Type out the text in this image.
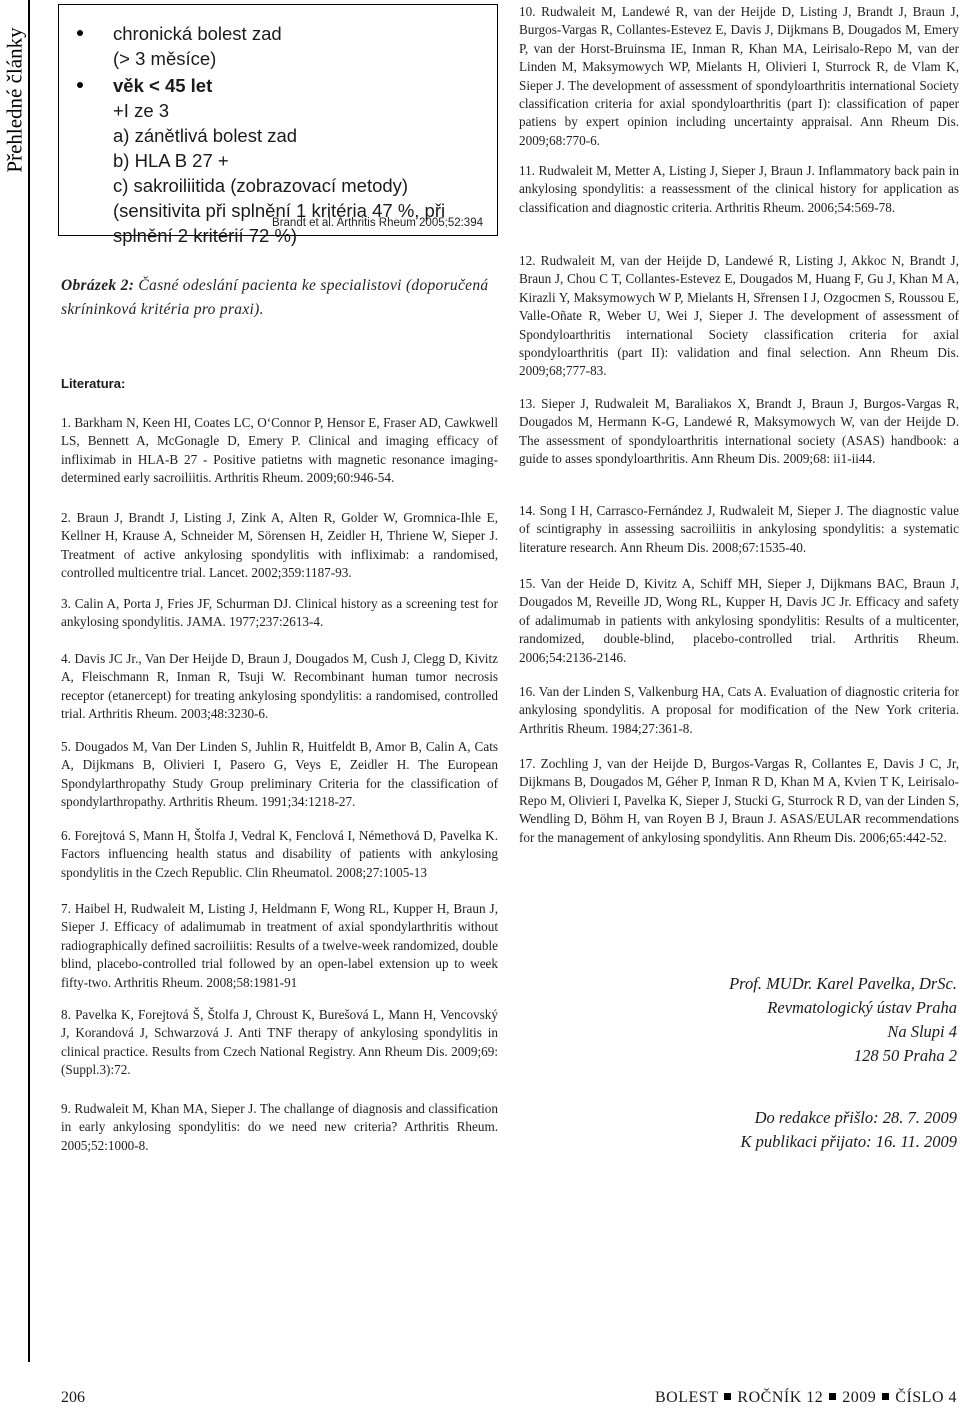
Přehledné články	chronická bolest zad
(> 3 měsíce)
věk < 45 let
+I ze 3
a) zánětlivá bolest zad
b) HLA B 27 +
c) sakroiliitida (zobrazovací metody)
(sensitivita při splnění 1 kritéria 47 %, při
splnění 2 kritérií 72 %)
Brandt et al. Arthritis Rheum 2005;52:394
Obrázek 2: Časné odeslání pacienta ke specialistovi (doporučená skríninková kritéria pro praxi).
Literatura:
1. Barkham N, Keen HI, Coates LC, O‘Connor P, Hensor E, Fraser AD, Cawkwell LS, Bennett A, McGonagle D, Emery P. Clinical and imaging efficacy of infliximab in HLA-B 27 - Positive patietns with magnetic resonance imaging-determined early sacroiliitis. Arthritis Rheum. 2009;60:946-54.
2. Braun J, Brandt J, Listing J, Zink A, Alten R, Golder W, Gromnica-Ihle E, Kellner H, Krause A, Schneider M, Sörensen H, Zeidler H, Thriene W, Sieper J. Treatment of active ankylosing spondylitis with infliximab: a randomised, controlled multicentre trial. Lancet. 2002;359:1187-93.
3. Calin A, Porta J, Fries JF, Schurman DJ. Clinical history as a screening test for ankylosing spondylitis. JAMA. 1977;237:2613-4.
4. Davis JC Jr., Van Der Heijde D, Braun J, Dougados M, Cush J, Clegg D, Kivitz A, Fleischmann R, Inman R, Tsuji W. Recombinant human tumor necrosis receptor (etanercept) for treating ankylosing spondylitis: a randomised, controlled trial. Arthritis Rheum. 2003;48:3230-6.
5. Dougados M, Van Der Linden S, Juhlin R, Huitfeldt B, Amor B, Calin A, Cats A, Dijkmans B, Olivieri I, Pasero G, Veys E, Zeidler H. The European Spondylarthropathy Study Group preliminary Criteria for the classification of spondylarthropathy. Arthritis Rheum. 1991;34:1218-27.
6. Forejtová S, Mann H, Štolfa J, Vedral K, Fenclová I, Némethová D, Pavelka K. Factors influencing health status and disability of patients with ankylosing spondylitis in the Czech Republic. Clin Rheumatol. 2008;27:1005-13
7. Haibel H, Rudwaleit M, Listing J, Heldmann F, Wong RL, Kupper H, Braun J, Sieper J. Efficacy of adalimumab in treatment of axial spondylarthritis without radiographically defined sacroiliitis: Results of a twelve-week randomized, double blind, placebo-controlled trial followed by an open-label extension up to week fifty-two. Arthritis Rheum. 2008;58:1981-91
8. Pavelka K, Forejtová Š, Štolfa J, Chroust K, Burešová L, Mann H, Vencovský J, Korandová J, Schwarzová J. Anti TNF therapy of ankylosing spondylitis in clinical practice. Results from Czech National Registry. Ann Rheum Dis. 2009;69:(Suppl.3):72.
9. Rudwaleit M, Khan MA, Sieper J. The challange of diagnosis and classification in early ankylosing spondylitis: do we need new criteria? Arthritis Rheum. 2005;52:1000-8.
10. Rudwaleit M, Landewé R, van der Heijde D, Listing J, Brandt J, Braun J, Burgos-Vargas R, Collantes-Estevez E, Davis J, Dijkmans B, Dougados M, Emery P, van der Horst-Bruinsma IE, Inman R, Khan MA, Leirisalo-Repo M, van der Linden M, Maksymowych WP, Mielants H, Olivieri I, Sturrock R, de Vlam K, Sieper J. The development of assessment of spondyloarthritis international Society classification criteria for axial spondyloarthritis (part I): classification of paper patiens by expert opinion including uncertainty appraisal. Ann Rheum Dis. 2009;68:770-6.
11. Rudwaleit M, Metter A, Listing J, Sieper J, Braun J. Inflammatory back pain in ankylosing spondylitis: a reassessment of the clinical history for application as classification and diagnostic criteria. Arthritis Rheum. 2006;54:569-78.
12. Rudwaleit M, van der Heijde D, Landewé R, Listing J, Akkoc N, Brandt J, Braun J, Chou C T, Collantes-Estevez E, Dougados M, Huang F, Gu J, Khan M A, Kirazli Y, Maksymowych W P, Mielants H, Sřrensen I J, Ozgocmen S, Roussou E, Valle-Oñate R, Weber U, Wei J, Sieper J. The development of assessment of Spondyloarthritis international Society classification criteria for axial spondyloarthritis (part II): validation and final selection. Ann Rheum Dis. 2009;68;777-83.
13. Sieper J, Rudwaleit M, Baraliakos X, Brandt J, Braun J, Burgos-Vargas R, Dougados M, Hermann K-G, Landewé R, Maksymowych W, van der Heijde D. The assessment of spondyloarthritis international society (ASAS) handbook: a guide to asses spondyloarthritis. Ann Rheum Dis. 2009;68: ii1-ii44.
14. Song I H, Carrasco-Fernández J, Rudwaleit M, Sieper J. The diagnostic value of scintigraphy in assessing sacroiliitis in ankylosing spondylitis: a systematic literature research. Ann Rheum Dis. 2008;67:1535-40.
15. Van der Heide D, Kivitz A, Schiff MH, Sieper J, Dijkmans BAC, Braun J, Dougados M, Reveille JD, Wong RL, Kupper H, Davis JC Jr. Efficacy and safety of adalimumab in patients with ankylosing spondylitis: Results of a multicenter, randomized, double-blind, placebo-controlled trial. Arthritis Rheum. 2006;54:2136-2146.
16. Van der Linden S, Valkenburg HA, Cats A. Evaluation of diagnostic criteria for ankylosing spondylitis. A proposal for modification of the New York criteria. Arthritis Rheum. 1984;27:361-8.
17. Zochling J, van der Heijde D, Burgos-Vargas R, Collantes E, Davis J C, Jr, Dijkmans B, Dougados M, Géher P, Inman R D, Khan M A, Kvien T K, Leirisalo-Repo M, Olivieri I, Pavelka K, Sieper J, Stucki G, Sturrock R D, van der Linden S, Wendling D, Böhm H, van Royen B J, Braun J. ASAS/EULAR recommendations for the management of ankylosing spondylitis. Ann Rheum Dis. 2006;65:442-52.
Prof. MUDr. Karel Pavelka, DrSc.
Revmatologický ústav Praha
Na Slupi 4
128 50 Praha 2
Do redakce přišlo: 28. 7. 2009
K publikaci přijato: 16. 11. 2009
206	BOLEST ROČNÍK 12 2009 ČÍSLO 4
